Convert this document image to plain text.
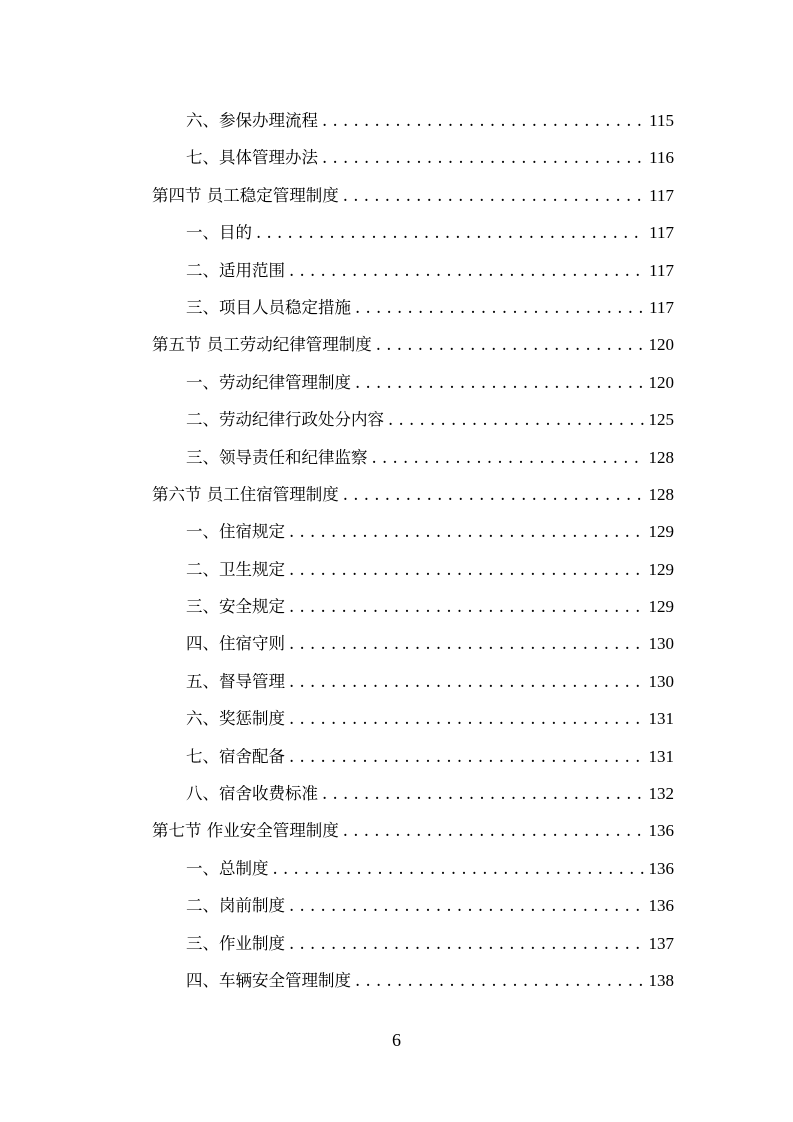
六、参保办理流程 . . .	115
七、具体管理办法 . . .	116
第四节 员工稳定管理制度 . . .	117
一、目的 . . .	117
二、适用范围 . . .	117
三、项目人员稳定措施 . . .	117
第五节 员工劳动纪律管理制度 . . .	120
一、劳动纪律管理制度 . . .	120
二、劳动纪律行政处分内容 . . .	125
三、领导责任和纪律监察 . . .	128
第六节 员工住宿管理制度 . . .	128
一、住宿规定 . . .	129
二、卫生规定 . . .	129
三、安全规定 . . .	129
四、住宿守则 . . .	130
五、督导管理 . . .	130
六、奖惩制度 . . .	131
七、宿舍配备 . . .	131
八、宿舍收费标准 . . .	132
第七节 作业安全管理制度 . . .	136
一、总制度 . . .	136
二、岗前制度 . . .	136
三、作业制度 . . .	137
四、车辆安全管理制度 . . .	138
6
